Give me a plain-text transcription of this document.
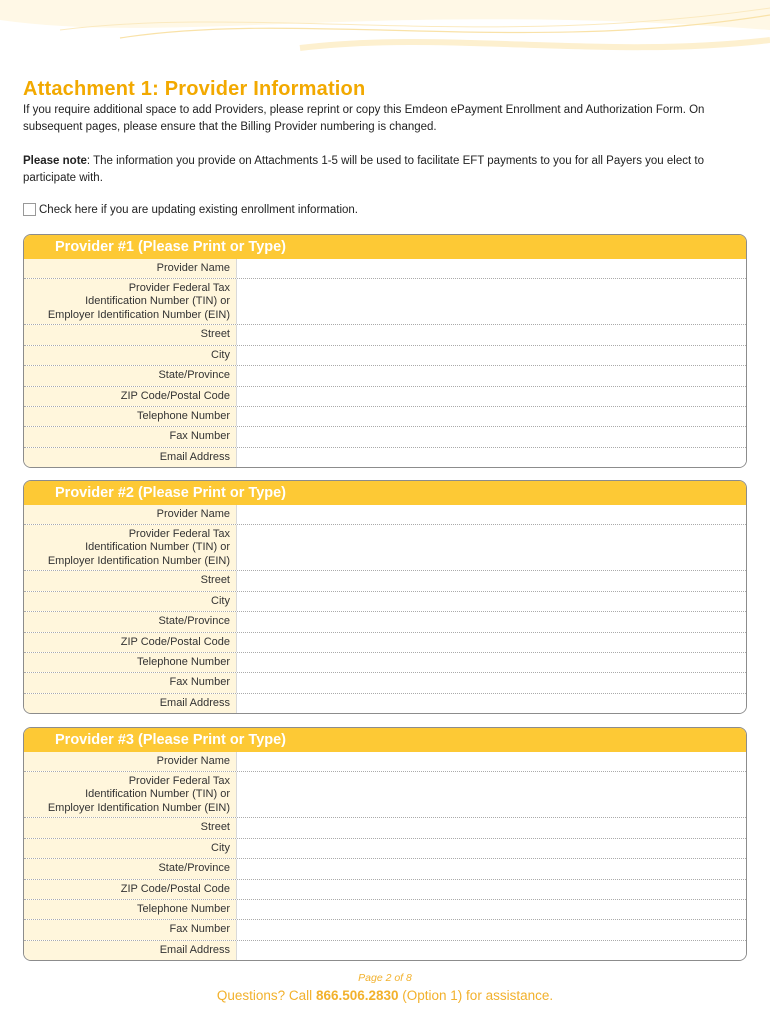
Attachment 1: Provider Information

If you require additional space to add Providers, please reprint or copy this Emdeon ePayment Enrollment and Authorization Form. On subsequent pages, please ensure that the Billing Provider numbering is changed.

Please note: The information you provide on Attachments 1-5 will be used to facilitate EFT payments to you for all Payers you elect to participate with.

Check here if you are updating existing enrollment information.
Provider #1 (Please Print or Type)
Provider Name
Provider Federal Tax
Identification Number (TIN) or
Employer Identification Number (EIN)
Street
City
State/Province
ZIP Code/Postal Code
Telephone Number
Fax Number
Email Address
Provider #2 (Please Print or Type)
Provider Name
Provider Federal Tax
Identification Number (TIN) or
Employer Identification Number (EIN)
Street
City
State/Province
ZIP Code/Postal Code
Telephone Number
Fax Number
Email Address
Provider #3 (Please Print or Type)
Provider Name
Provider Federal Tax
Identification Number (TIN) or
Employer Identification Number (EIN)
Street
City
State/Province
ZIP Code/Postal Code
Telephone Number
Fax Number
Email Address
Page 2 of 8
Questions? Call 866.506.2830 (Option 1) for assistance.
